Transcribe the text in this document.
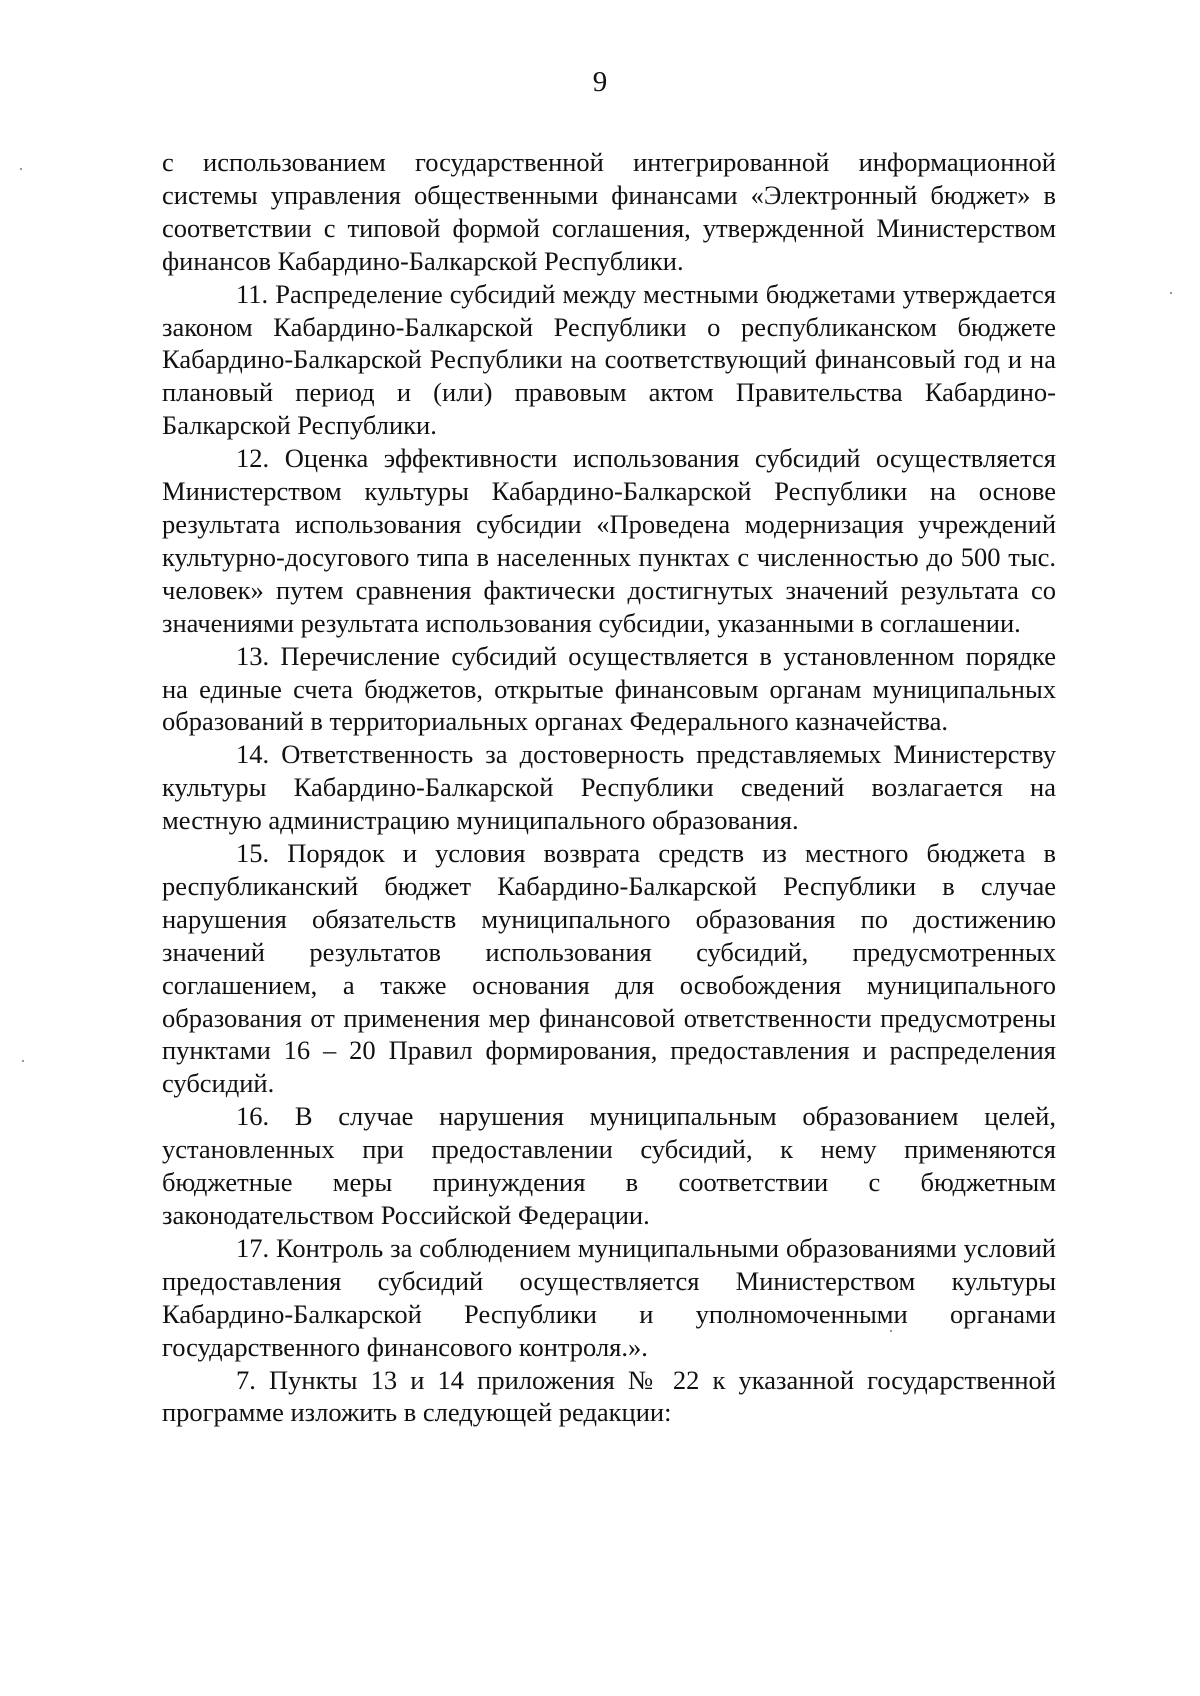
9

с использованием государственной интегрированной информационной системы управления общественными финансами «Электронный бюджет» в соответствии с типовой формой соглашения, утвержденной Министерством финансов Кабардино-Балкарской Республики.

11. Распределение субсидий между местными бюджетами утверждается законом Кабардино-Балкарской Республики о республиканском бюджете Кабардино-Балкарской Республики на соответствующий финансовый год и на плановый период и (или) правовым актом Правительства Кабардино-Балкарской Республики.

12. Оценка эффективности использования субсидий осуществляется Министерством культуры Кабардино-Балкарской Республики на основе результата использования субсидии «Проведена модернизация учреждений культурно-досугового типа в населенных пунктах с численностью до 500 тыс. человек» путем сравнения фактически достигнутых значений результата со значениями результата использования субсидии, указанными в соглашении.

13. Перечисление субсидий осуществляется в установленном порядке на единые счета бюджетов, открытые финансовым органам муниципальных образований в территориальных органах Федерального казначейства.

14. Ответственность за достоверность представляемых Министерству культуры Кабардино-Балкарской Республики сведений возлагается на местную администрацию муниципального образования.

15. Порядок и условия возврата средств из местного бюджета в республиканский бюджет Кабардино-Балкарской Республики в случае нарушения обязательств муниципального образования по достижению значений результатов использования субсидий, предусмотренных соглашением, а также основания для освобождения муниципального образования от применения мер финансовой ответственности предусмотрены пунктами 16 – 20 Правил формирования, предоставления и распределения субсидий.

16. В случае нарушения муниципальным образованием целей, установленных при предоставлении субсидий, к нему применяются бюджетные меры принуждения в соответствии с бюджетным законодательством Российской Федерации.

17. Контроль за соблюдением муниципальными образованиями условий предоставления субсидий осуществляется Министерством культуры Кабардино-Балкарской Республики и уполномоченными органами государственного финансового контроля.».

7. Пункты 13 и 14 приложения № 22 к указанной государственной программе изложить в следующей редакции:
